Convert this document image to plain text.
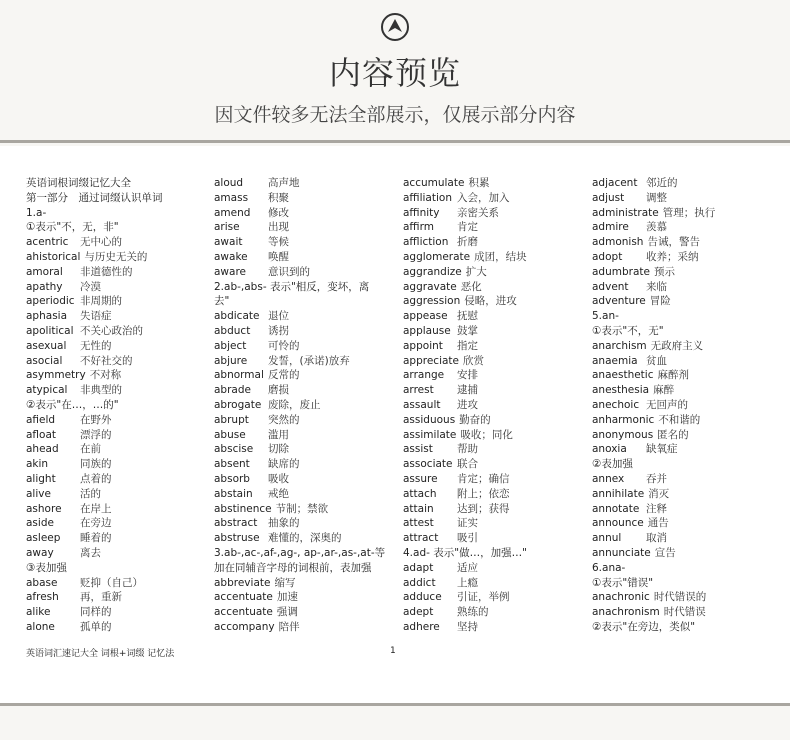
内容预览
因文件较多无法全部展示，仅展示部分内容
英语词根词缀记忆大全
第一部分　通过词缀认识单词
1.a-
①表示"不，无，非"
acentric 无中心的
ahistorical 与历史无关的
amoral 非道德性的
apathy 冷漠
aperiodic 非周期的
aphasia 失语症
apolitical 不关心政治的
asexual 无性的
asocial 不好社交的
asymmetry 不对称
atypical 非典型的
②表示"在…，…的"
afield 在野外
afloat 漂浮的
ahead 在前
akin	同族的
alight 点着的
alive	活的
ashore 在岸上
aside 在旁边
asleep 睡着的
away	离去
③表加强
abase 贬抑（自己）
afresh 再，重新
alike	同样的
alone 孤单的
aloud 高声地
amass 积聚
amend 修改
arise	出现
await 等候
awake 唤醒
aware 意识到的
2.ab-,abs- 表示"相反，变坏，离
去"
abdicate 退位
abduct 诱拐
abject 可怜的
abjure 发誓，(承诺)放弃
abnormal 反常的
abrade 磨损
abrogate 废除，废止
abrupt 突然的
abuse 滥用
abscise 切除
absent 缺席的
absorb 吸收
abstain 戒绝
abstinence 节制；禁欲
abstract 抽象的
abstruse 难懂的，深奥的
3.ab-,ac-,af-,ag-, ap-,ar-,as-,at-等
加在同辅音字母的词根前，表加强
abbreviate 缩写
accentuate 加速
accentuate 强调
accompany 陪伴
accumulate 积累
affiliation 入会，加入
affinity 亲密关系
affirm 肯定
affliction 折磨
agglomerate 成团，结块
aggrandize 扩大
aggravate 恶化
aggression 侵略，进攻
appease 抚慰
applause 鼓掌
appoint 指定
appreciate 欣赏
arrange 安排
arrest 逮捕
assault 进攻
assiduous 勤奋的
assimilate 吸收；同化
assist 帮助
associate 联合
assure 肯定；确信
attach 附上；依恋
attain 达到；获得
attest 证实
attract 吸引
4.ad- 表示"做…，加强…"
adapt 适应
addict 上瘾
adduce 引证，举例
adept 熟练的
adhere 坚持
adjacent 邻近的
adjust 调整
administrate 管理；执行
admire 羡慕
admonish 告诫，警告
adopt 收养；采纳
adumbrate 预示
advent 来临
adventure 冒险
5.an-
①表示"不，无"
anarchism 无政府主义
anaemia 贫血
anaesthetic 麻醉剂
anesthesia 麻醉
anechoic 无回声的
anharmonic 不和谐的
anonymous 匿名的
anoxia 缺氧症
②表加强
annex 吞并
annihilate 消灭
annotate 注释
announce 通告
annul 取消
annunciate 宣告
6.ana-
①表示"错误"
anachronic 时代错误的
anachronism 时代错误
②表示"在旁边，类似"
英语词汇速记大全 词根+词缀 记忆法	1
